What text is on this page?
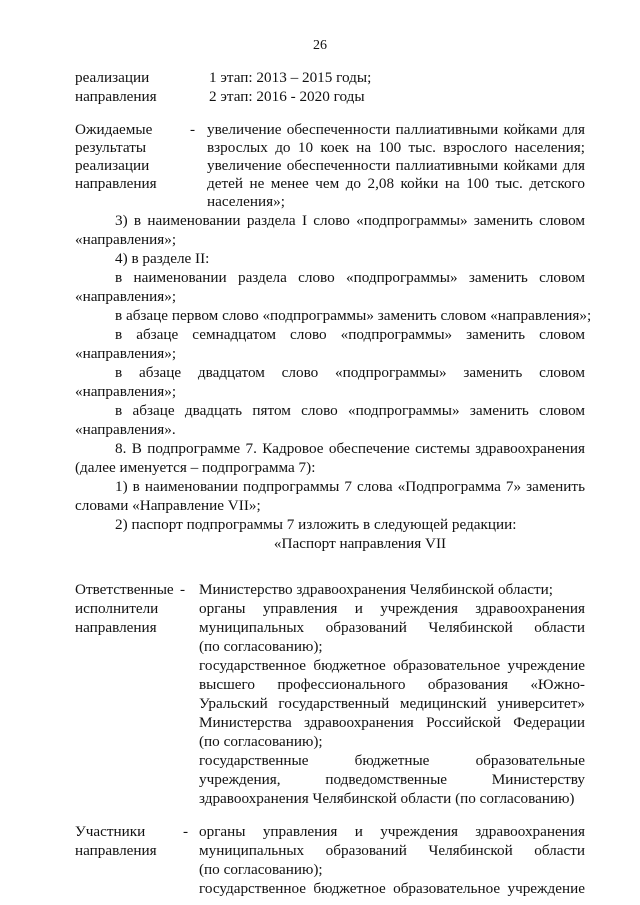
26
реализации	1 этап: 2013 – 2015 годы;
направления	2 этап: 2016 - 2020 годы
Ожидаемые - увеличение обеспеченности паллиативными койками для
результаты	взрослых до 10 коек на 100 тыс. взрослого населения;
реализации	увеличение обеспеченности паллиативными койками для
направления	детей не менее чем до 2,08 койки на 100 тыс. детского
населения»;
3) в наименовании раздела I слово «подпрограммы» заменить словом
«направления»;
4) в разделе II:
в наименовании раздела слово «подпрограммы» заменить словом
«направления»;
в абзаце первом слово «подпрограммы» заменить словом «направления»;
в абзаце семнадцатом слово «подпрограммы» заменить словом
«направления»;
в абзаце двадцатом слово «подпрограммы» заменить словом
«направления»;
в абзаце двадцать пятом слово «подпрограммы» заменить словом
«направления».
8. В подпрограмме 7. Кадровое обеспечение системы здравоохранения
(далее именуется – подпрограмма 7):
1) в наименовании подпрограммы 7 слова «Подпрограмма 7» заменить
словами «Направление VII»;
2) паспорт подпрограммы 7 изложить в следующей редакции:
«Паспорт направления VII
Ответственные - Министерство здравоохранения Челябинской области;
исполнители	органы управления и учреждения здравоохранения
направления	муниципальных образований Челябинской области
(по согласованию);
государственное бюджетное образовательное учреждение
высшего профессионального образования «Южно-
Уральский государственный медицинский университет»
Министерства здравоохранения Российской Федерации
(по согласованию);
государственные бюджетные образовательные
учреждения, подведомственные Министерству
здравоохранения Челябинской области (по согласованию)
Участники - органы управления и учреждения здравоохранения
направления	муниципальных образований Челябинской области
(по согласованию);
государственное бюджетное образовательное учреждение
